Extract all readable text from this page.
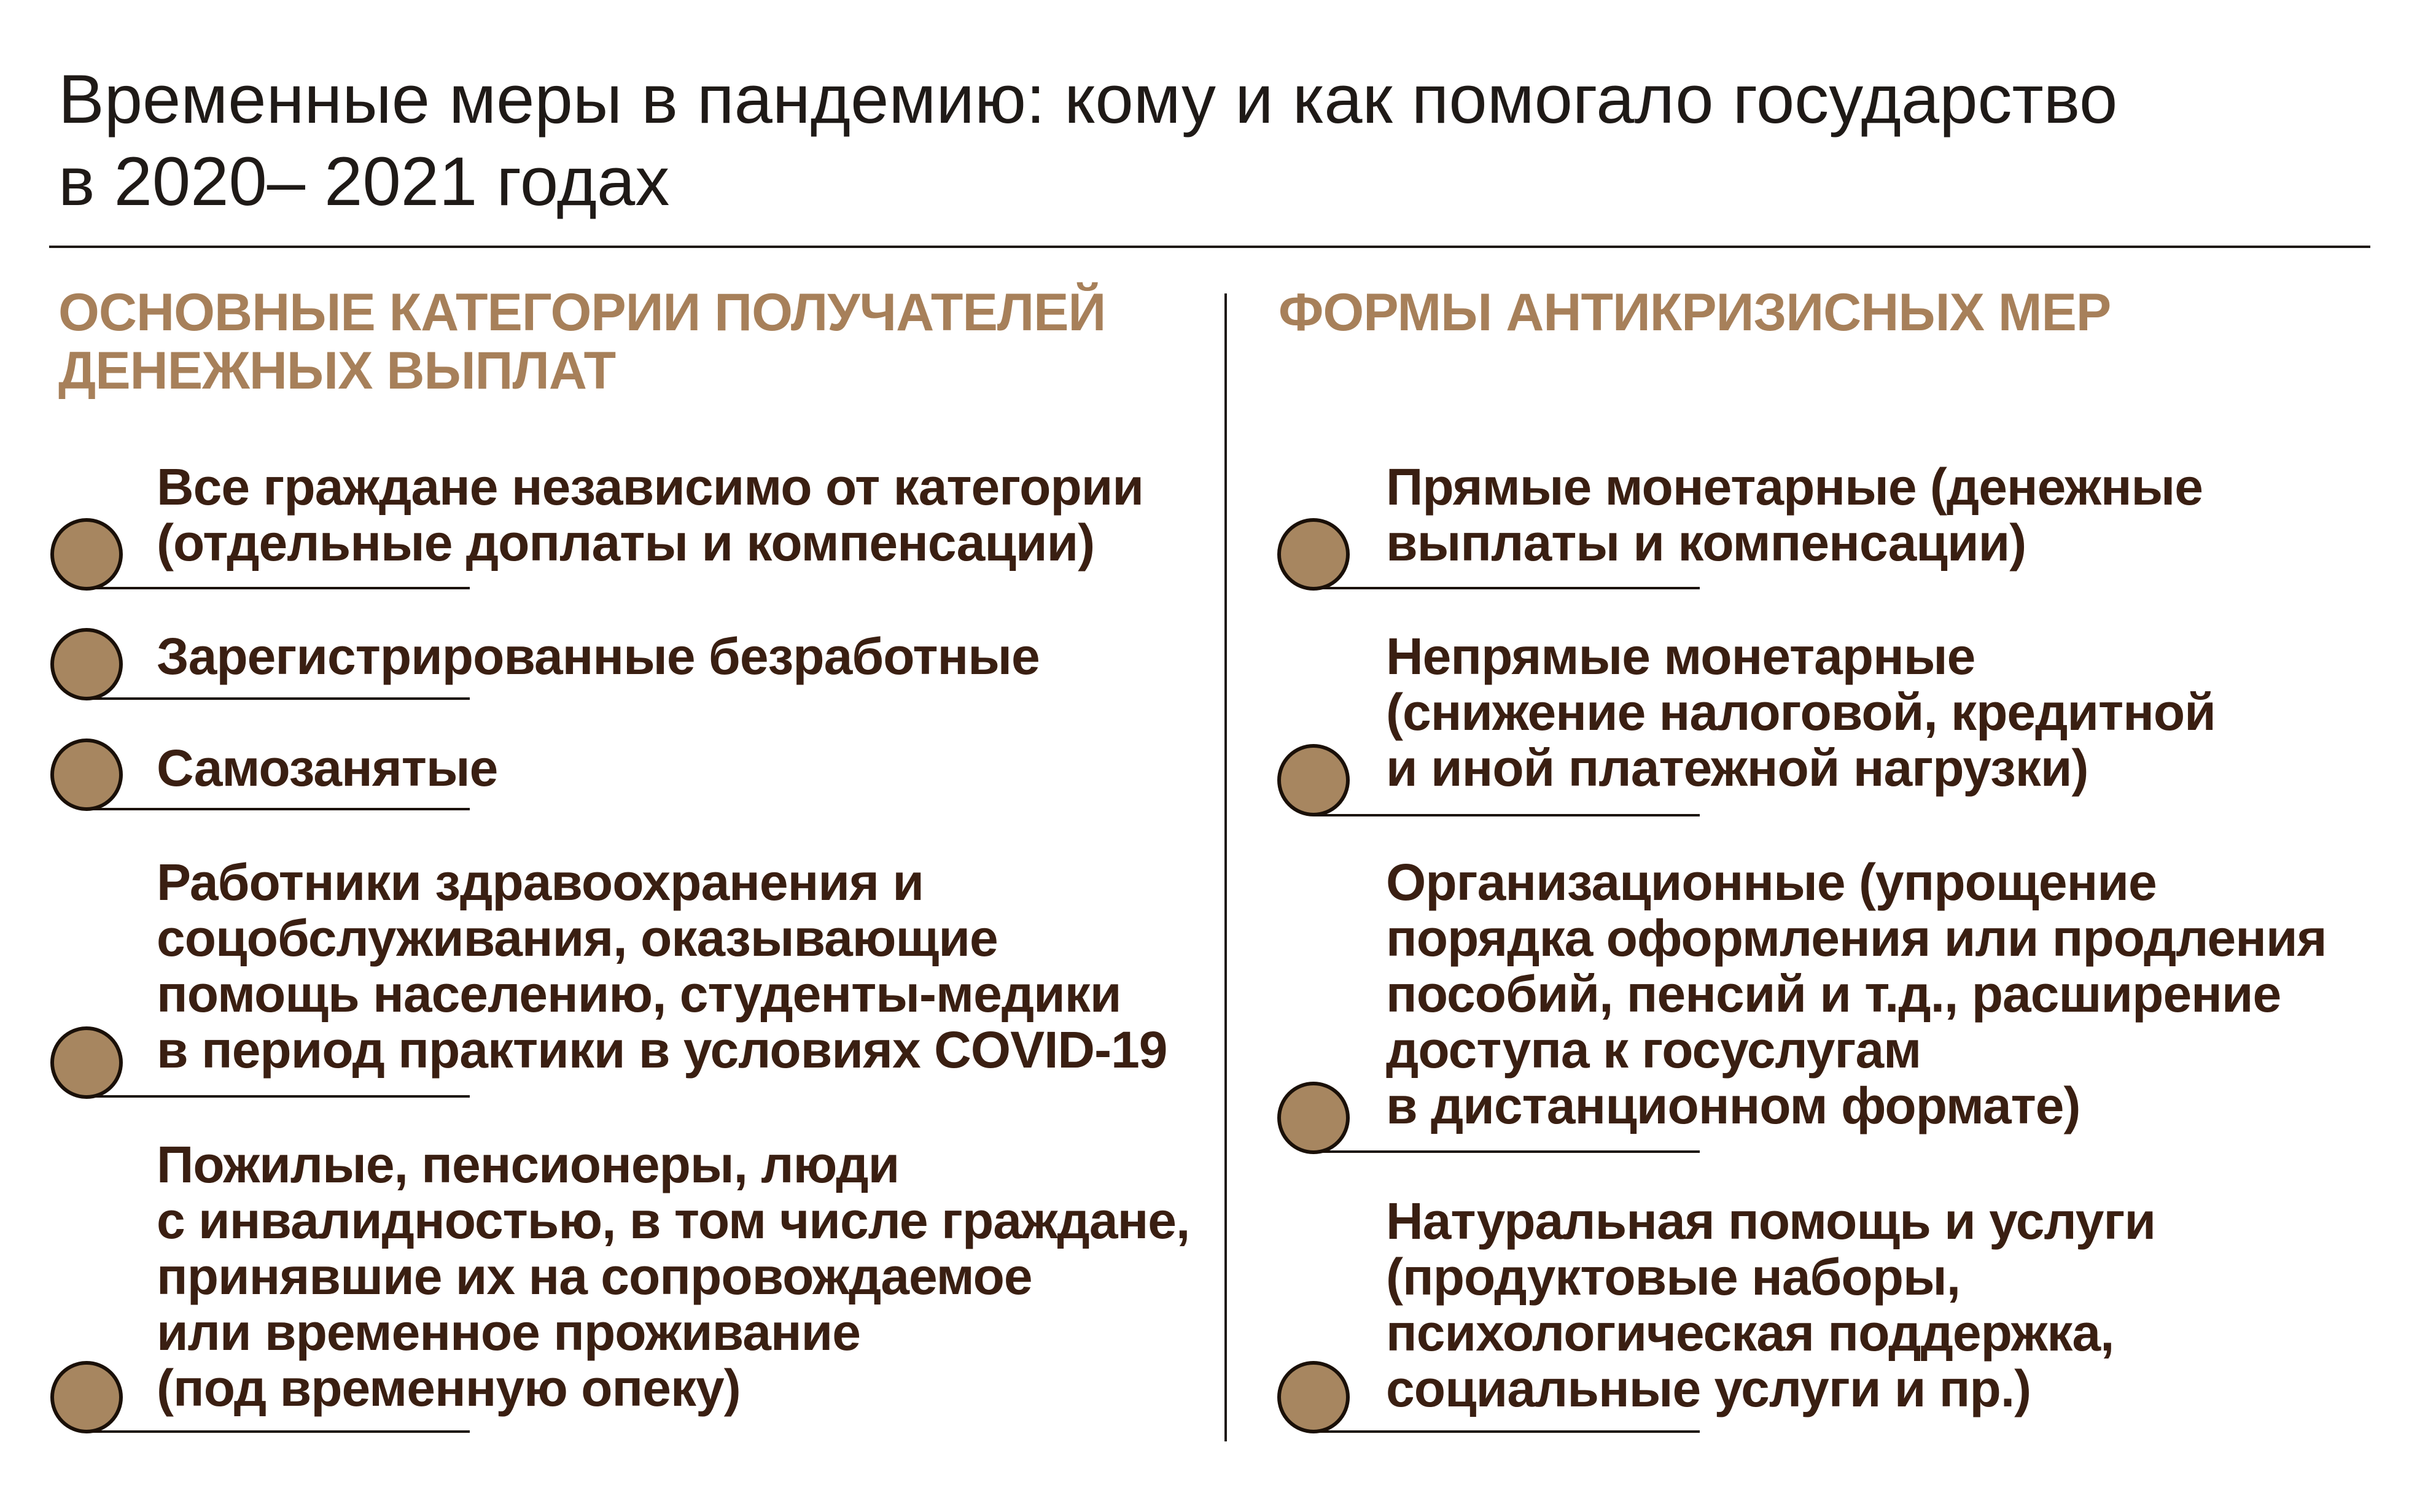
Временные меры в пандемию: кому и как помогало государство
в 2020– 2021 годах
ОСНОВНЫЕ КАТЕГОРИИ ПОЛУЧАТЕЛЕЙ
ДЕНЕЖНЫХ ВЫПЛАТ
ФОРМЫ АНТИКРИЗИСНЫХ МЕР
Все граждане независимо от категории
(отдельные доплаты и компенсации)
Зарегистрированные безработные
Самозанятые
Работники здравоохранения и
соцобслуживания, оказывающие
помощь населению, студенты-медики
в период практики в условиях COVID-19
Пожилые, пенсионеры, люди
с инвалидностью, в том числе граждане,
принявшие их на сопровождаемое
или временное проживание
(под временную опеку)
Прямые монетарные (денежные
выплаты и компенсации)
Непрямые монетарные
(снижение налоговой, кредитной
и иной платежной нагрузки)
Организационные (упрощение
порядка оформления или продления
пособий, пенсий и т.д., расширение
доступа к госуслугам
в дистанционном формате)
Натуральная помощь и услуги
(продуктовые наборы,
психологическая поддержка,
социальные услуги и пр.)
